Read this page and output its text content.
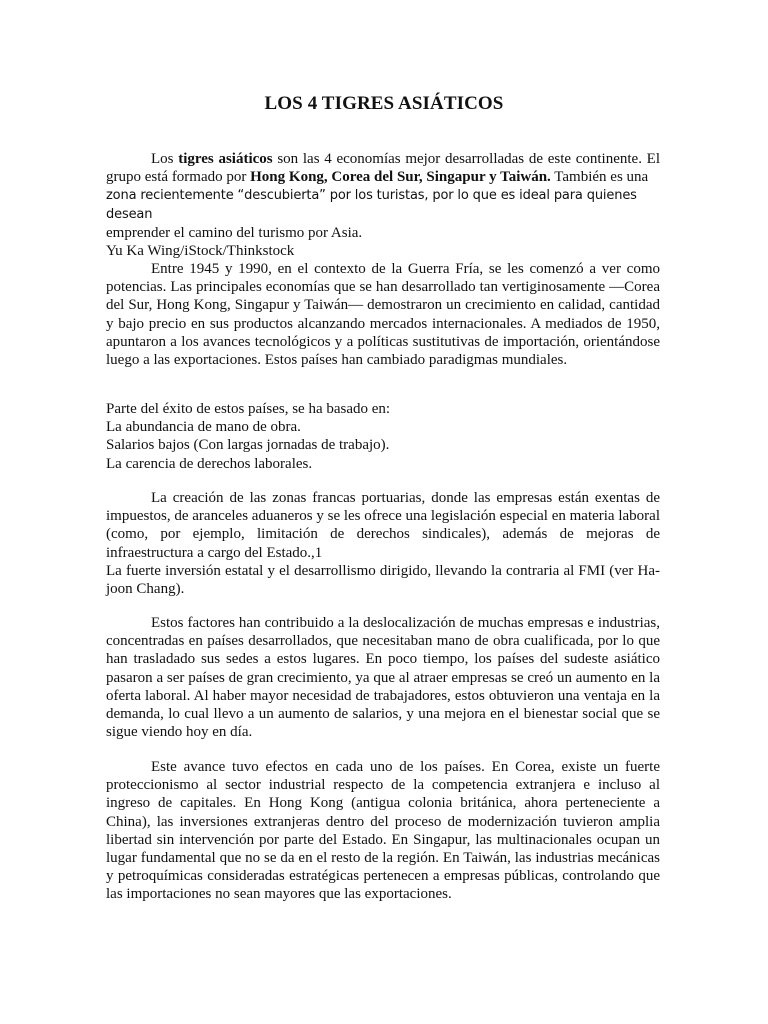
LOS 4 TIGRES ASIÁTICOS

Los tigres asiáticos son las 4 economías mejor desarrolladas de este continente. El grupo está formado por Hong Kong, Corea del Sur, Singapur y Taiwán. También es una

zona recientemente “descubierta” por los turistas, por lo que es ideal para quienes desean

emprender el camino del turismo por Asia.

Yu Ka Wing/iStock/Thinkstock

Entre 1945 y 1990, en el contexto de la Guerra Fría, se les comenzó a ver como potencias. Las principales economías que se han desarrollado tan vertiginosamente —Corea del Sur, Hong Kong, Singapur y Taiwán— demostraron un crecimiento en calidad, cantidad y bajo precio en sus productos alcanzando mercados internacionales. A mediados de 1950, apuntaron a los avances tecnológicos y a políticas sustitutivas de importación, orientándose luego a las exportaciones. Estos países han cambiado paradigmas mundiales.

Parte del éxito de estos países, se ha basado en:

La abundancia de mano de obra.

Salarios bajos (Con largas jornadas de trabajo).

La carencia de derechos laborales.

La creación de las zonas francas portuarias, donde las empresas están exentas de impuestos, de aranceles aduaneros y se les ofrece una legislación especial en materia laboral (como, por ejemplo, limitación de derechos sindicales), además de mejoras de infraestructura a cargo del Estado.,1

La fuerte inversión estatal y el desarrollismo dirigido, llevando la contraria al FMI (ver Ha-joon Chang).

Estos factores han contribuido a la deslocalización de muchas empresas e industrias, concentradas en países desarrollados, que necesitaban mano de obra cualificada, por lo que han trasladado sus sedes a estos lugares. En poco tiempo, los países del sudeste asiático pasaron a ser países de gran crecimiento, ya que al atraer empresas se creó un aumento en la oferta laboral. Al haber mayor necesidad de trabajadores, estos obtuvieron una ventaja en la demanda, lo cual llevo a un aumento de salarios, y una mejora en el bienestar social que se sigue viendo hoy en día.

Este avance tuvo efectos en cada uno de los países. En Corea, existe un fuerte proteccionismo al sector industrial respecto de la competencia extranjera e incluso al ingreso de capitales. En Hong Kong (antigua colonia británica, ahora perteneciente a China), las inversiones extranjeras dentro del proceso de modernización tuvieron amplia libertad sin intervención por parte del Estado. En Singapur, las multinacionales ocupan un lugar fundamental que no se da en el resto de la región. En Taiwán, las industrias mecánicas y petroquímicas consideradas estratégicas pertenecen a empresas públicas, controlando que las importaciones no sean mayores que las exportaciones.
